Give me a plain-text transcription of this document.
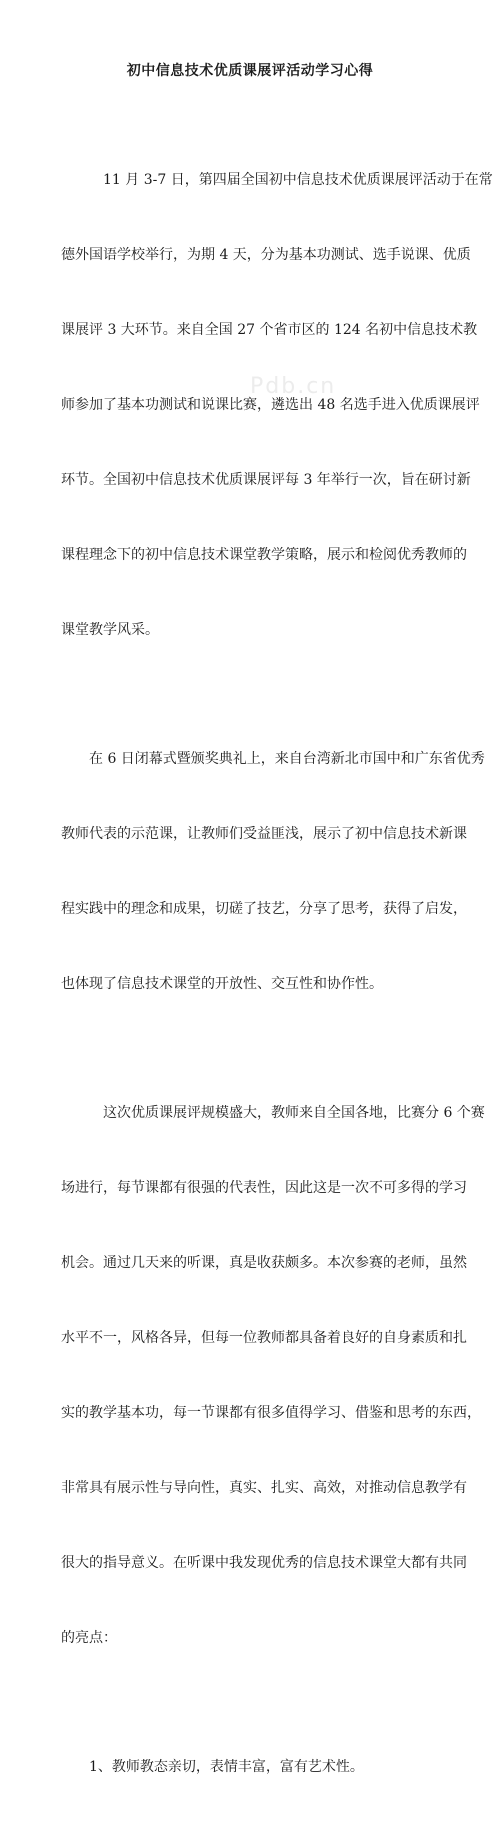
初中信息技术优质课展评活动学习心得
Pdb.cn

11 月 3-7 日，第四届全国初中信息技术优质课展评活动于在常

德外国语学校举行，为期 4 天，分为基本功测试、选手说课、优质

课展评 3 大环节。来自全国 27 个省市区的 124 名初中信息技术教

师参加了基本功测试和说课比赛，遴选出 48 名选手进入优质课展评

环节。全国初中信息技术优质课展评每 3 年举行一次，旨在研讨新

课程理念下的初中信息技术课堂教学策略，展示和检阅优秀教师的

课堂教学风采。

在 6 日闭幕式暨颁奖典礼上，来自台湾新北市国中和广东省优秀

教师代表的示范课，让教师们受益匪浅，展示了初中信息技术新课

程实践中的理念和成果，切磋了技艺，分享了思考，获得了启发，

也体现了信息技术课堂的开放性、交互性和协作性。

这次优质课展评规模盛大，教师来自全国各地，比赛分 6 个赛

场进行，每节课都有很强的代表性，因此这是一次不可多得的学习

机会。通过几天来的听课，真是收获颇多。本次参赛的老师，虽然

水平不一，风格各异，但每一位教师都具备着良好的自身素质和扎

实的教学基本功，每一节课都有很多值得学习、借鉴和思考的东西，

非常具有展示性与导向性，真实、扎实、高效，对推动信息教学有

很大的指导意义。在听课中我发现优秀的信息技术课堂大都有共同

的亮点：

1、教师教态亲切，表情丰富，富有艺术性。
